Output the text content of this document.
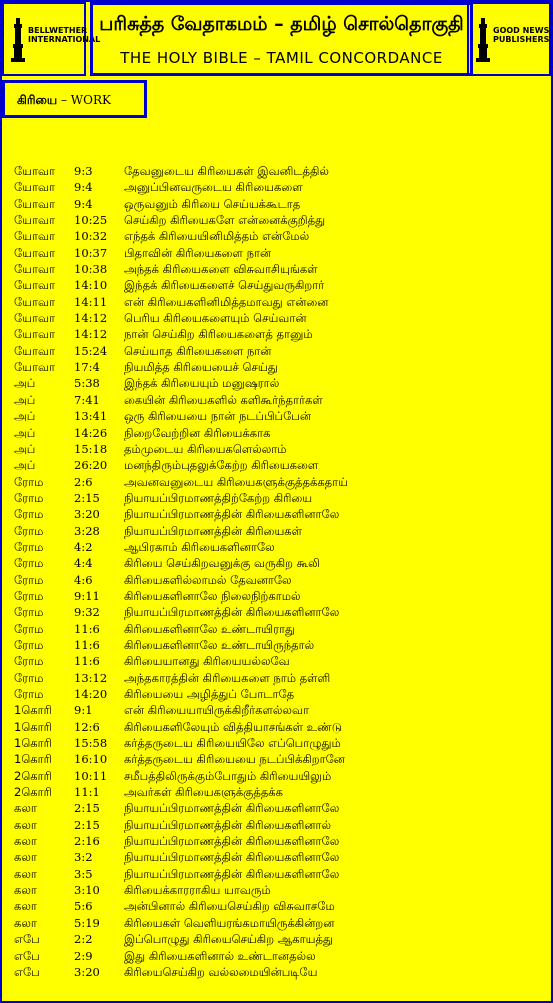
BELLWETHER
INTERNATIONAL
பரிசுத்த வேதாகமம் – தமிழ் சொல்தொகுதி
THE HOLY BIBLE – TAMIL CONCORDANCE
GOOD NEWS
PUBLISHERS
கிரியை – WORK
யோவா 9:3	தேவனுடைய கிரியைகள் இவனிடத்தில்
யோவா 9:4	அனுப்பினவருடைய கிரியைகளை
யோவா 9:4	ஒருவனும் கிரியை செய்யக்கூடாத
யோவா 10:25 செய்கிற கிரியைகளே என்னைக்குறித்து
யோவா 10:32 எந்தக் கிரியையினிமித்தம் என்மேல்
யோவா 10:37 பிதாவின் கிரியைகளை நான்
யோவா 10:38 அந்தக் கிரியைகளை விசுவாசியுங்கள்
யோவா 14:10 இந்தக் கிரியைகளைச் செய்துவருகிறார்
யோவா 14:11 என் கிரியைகளினிமித்தமாவது என்னை
யோவா 14:12 பெரிய கிரியைகளையும் செய்வான்
யோவா 14:12 நான் செய்கிற கிரியைகளைத் தானும்
யோவா 15:24 செய்யாத கிரியைகளை நான்
யோவா 17:4 நியமித்த கிரியையைச் செய்து
அப்	5:38 இந்தக் கிரியையும் மனுஷரால்
அப்	7:41 கையின் கிரியைகளில் களிகூர்ந்தார்கள்
அப்	13:41 ஒரு கிரியையை நான் நடப்பிப்பேன்
அப்	14:26 நிறைவேற்றின கிரியைக்காக
அப்	15:18 தம்முடைய கிரியைகளெல்லாம்
அப்	26:20 மனந்திரும்புதலுக்கேற்ற கிரியைகளை
ரோம	2:6	அவனவனுடைய கிரியைகளுக்குத்தக்கதாய்
ரோம	2:15 நியாயப்பிரமாணத்திற்கேற்ற கிரியை
ரோம	3:20 நியாயப்பிரமாணத்தின் கிரியைகளினாலே
ரோம	3:28 நியாயப்பிரமாணத்தின் கிரியைகள்
ரோம	4:2	ஆபிரகாம் கிரியைகளினாலே
ரோம	4:4	கிரியை செய்கிறவனுக்கு வருகிற கூலி
ரோம	4:6	கிரியைகளில்லாமல் தேவனாலே
ரோம	9:11 கிரியைகளினாலே நிலைநிற்காமல்
ரோம	9:32 நியாயப்பிரமாணத்தின் கிரியைகளினாலே
ரோம	11:6 கிரியைகளினாலே உண்டாயிராது
ரோம	11:6 கிரியைகளினாலே உண்டாயிருந்தால்
ரோம	11:6 கிரியையானது கிரியையல்லவே
ரோம	13:12 அந்தகாரத்தின் கிரியைகளை நாம் தள்ளி
ரோம	14:20 கிரியையை அழித்துப் போடாதே
1கொரி 9:1	என் கிரியையாயிருக்கிறீர்களல்லவா
1கொரி 12:6 கிரியைகளிலேயும் வித்தியாசங்கள் உண்டு
1கொரி 15:58 கர்த்தருடைய கிரியையிலே எப்பொழுதும்
1கொரி 16:10 கர்த்தருடைய கிரியையை நடப்பிக்கிறானே
2கொரி 10:11 சமீபத்திலிருக்கும்போதும் கிரியையிலும்
2கொரி 11:1 அவர்கள் கிரியைகளுக்குத்தக்க
கலா	2:15 நியாயப்பிரமாணத்தின் கிரியைகளினாலே
கலா	2:15 நியாயப்பிரமாணத்தின் கிரியைகளினால்
கலா	2:16 நியாயப்பிரமாணத்தின் கிரியைகளினாலே
கலா	3:2	நியாயப்பிரமாணத்தின் கிரியைகளினாலே
கலா	3:5	நியாயப்பிரமாணத்தின் கிரியைகளினாலே
கலா	3:10 கிரியைக்காரராகிய யாவரும்
கலா	5:6	அன்பினால் கிரியைசெய்கிற விசுவாசமே
கலா	5:19 கிரியைகள் வெளியரங்கமாயிருக்கின்றன
எபே	2:2	இப்பொழுது கிரியைசெய்கிற ஆகாயத்து
எபே	2:9	இது கிரியைகளினால் உண்டானதல்ல
எபே	3:20 கிரியைசெய்கிற வல்லமையின்படியே
